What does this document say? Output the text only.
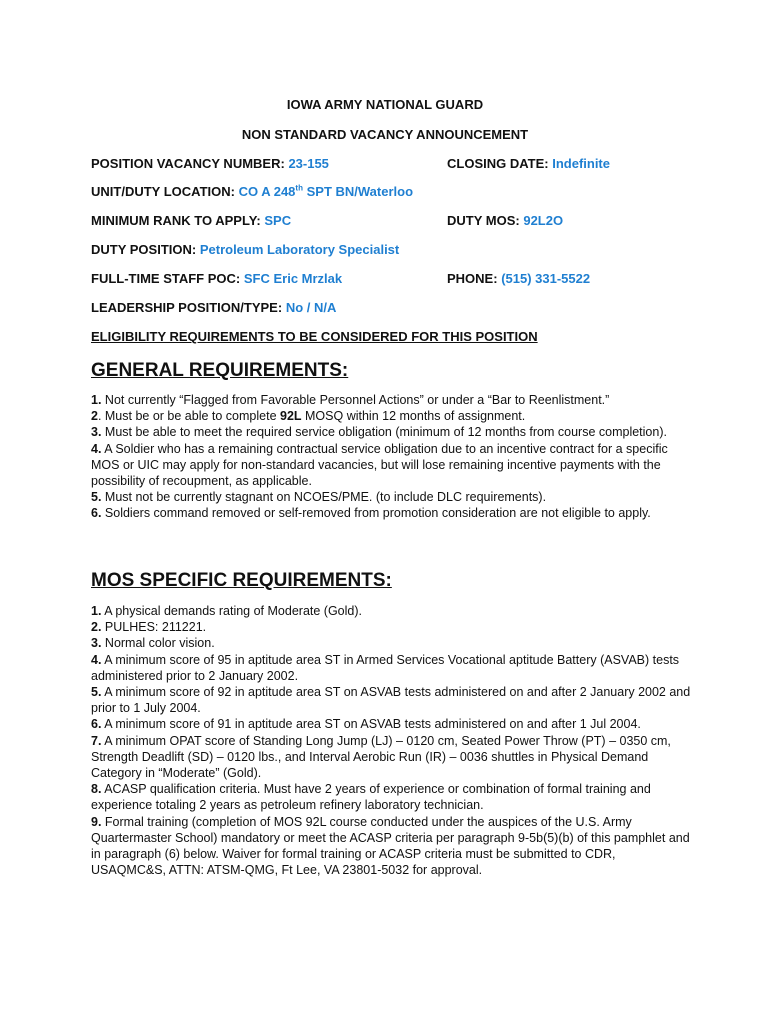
IOWA ARMY NATIONAL GUARD
NON STANDARD VACANCY ANNOUNCEMENT
POSITION VACANCY NUMBER: 23-155	CLOSING DATE: Indefinite
UNIT/DUTY LOCATION: CO A 248th SPT BN/Waterloo
MINIMUM RANK TO APPLY: SPC	DUTY MOS: 92L2O
DUTY POSITION: Petroleum Laboratory Specialist
FULL-TIME STAFF POC: SFC Eric Mrzlak	PHONE: (515) 331-5522
LEADERSHIP POSITION/TYPE: No / N/A
ELIGIBILITY REQUIREMENTS TO BE CONSIDERED FOR THIS POSITION
GENERAL REQUIREMENTS:

1. Not currently “Flagged from Favorable Personnel Actions” or under a “Bar to Reenlistment.”

2. Must be or be able to complete 92L MOSQ within 12 months of assignment.

3. Must be able to meet the required service obligation (minimum of 12 months from course completion).

4. A Soldier who has a remaining contractual service obligation due to an incentive contract for a specific MOS or UIC may apply for non-standard vacancies, but will lose remaining incentive payments with the possibility of recoupment, as applicable.

5. Must not be currently stagnant on NCOES/PME. (to include DLC requirements).

6. Soldiers command removed or self-removed from promotion consideration are not eligible to apply.

MOS SPECIFIC REQUIREMENTS:

1. A physical demands rating of Moderate (Gold).

2. PULHES: 211221.

3. Normal color vision.

4. A minimum score of 95 in aptitude area ST in Armed Services Vocational aptitude Battery (ASVAB) tests administered prior to 2 January 2002.

5. A minimum score of 92 in aptitude area ST on ASVAB tests administered on and after 2 January 2002 and prior to 1 July 2004.

6. A minimum score of 91 in aptitude area ST on ASVAB tests administered on and after 1 Jul 2004.

7. A minimum OPAT score of Standing Long Jump (LJ) – 0120 cm, Seated Power Throw (PT) – 0350 cm, Strength Deadlift (SD) – 0120 lbs., and Interval Aerobic Run (IR) – 0036 shuttles in Physical Demand Category in “Moderate” (Gold).

8. ACASP qualification criteria. Must have 2 years of experience or combination of formal training and experience totaling 2 years as petroleum refinery laboratory technician.

9. Formal training (completion of MOS 92L course conducted under the auspices of the U.S. Army Quartermaster School) mandatory or meet the ACASP criteria per paragraph 9-5b(5)(b) of this pamphlet and in paragraph (6) below. Waiver for formal training or ACASP criteria must be submitted to CDR, USAQMC&S, ATTN: ATSM-QMG, Ft Lee, VA 23801-5032 for approval.
